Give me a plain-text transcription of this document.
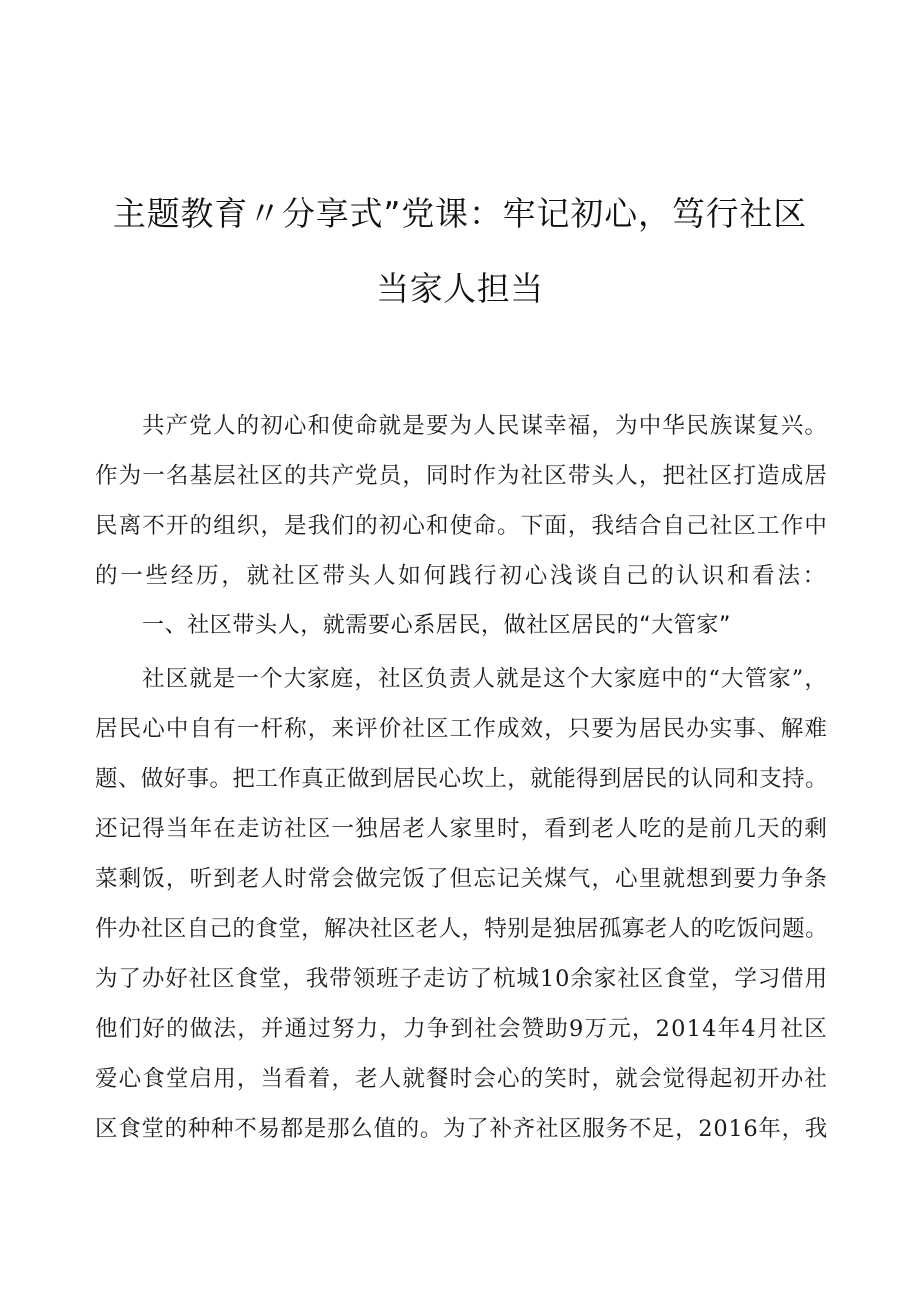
主题教育〃分享式”党课：牢记初心，笃行社区
当家人担当
共产党人的初心和使命就是要为人民谋幸福，为中华民族谋复兴。
作为一名基层社区的共产党员，同时作为社区带头人，把社区打造成居
民离不开的组织，是我们的初心和使命。下面，我结合自己社区工作中
的一些经历，就社区带头人如何践行初心浅谈自己的认识和看法：
一、社区带头人，就需要心系居民，做社区居民的“大管家”
社区就是一个大家庭，社区负责人就是这个大家庭中的“大管家”，
居民心中自有一杆称，来评价社区工作成效，只要为居民办实事、解难
题、做好事。把工作真正做到居民心坎上，就能得到居民的认同和支持。
还记得当年在走访社区一独居老人家里时，看到老人吃的是前几天的剩
菜剩饭，听到老人时常会做完饭了但忘记关煤气，心里就想到要力争条
件办社区自己的食堂，解决社区老人，特别是独居孤寡老人的吃饭问题。
为了办好社区食堂，我带领班子走访了杭城10余家社区食堂，学习借用
他们好的做法，并通过努力，力争到社会赞助9万元，2014年4月社区
爱心食堂启用，当看着，老人就餐时会心的笑时，就会觉得起初开办社
区食堂的种种不易都是那么值的。为了补齐社区服务不足，2016年，我
